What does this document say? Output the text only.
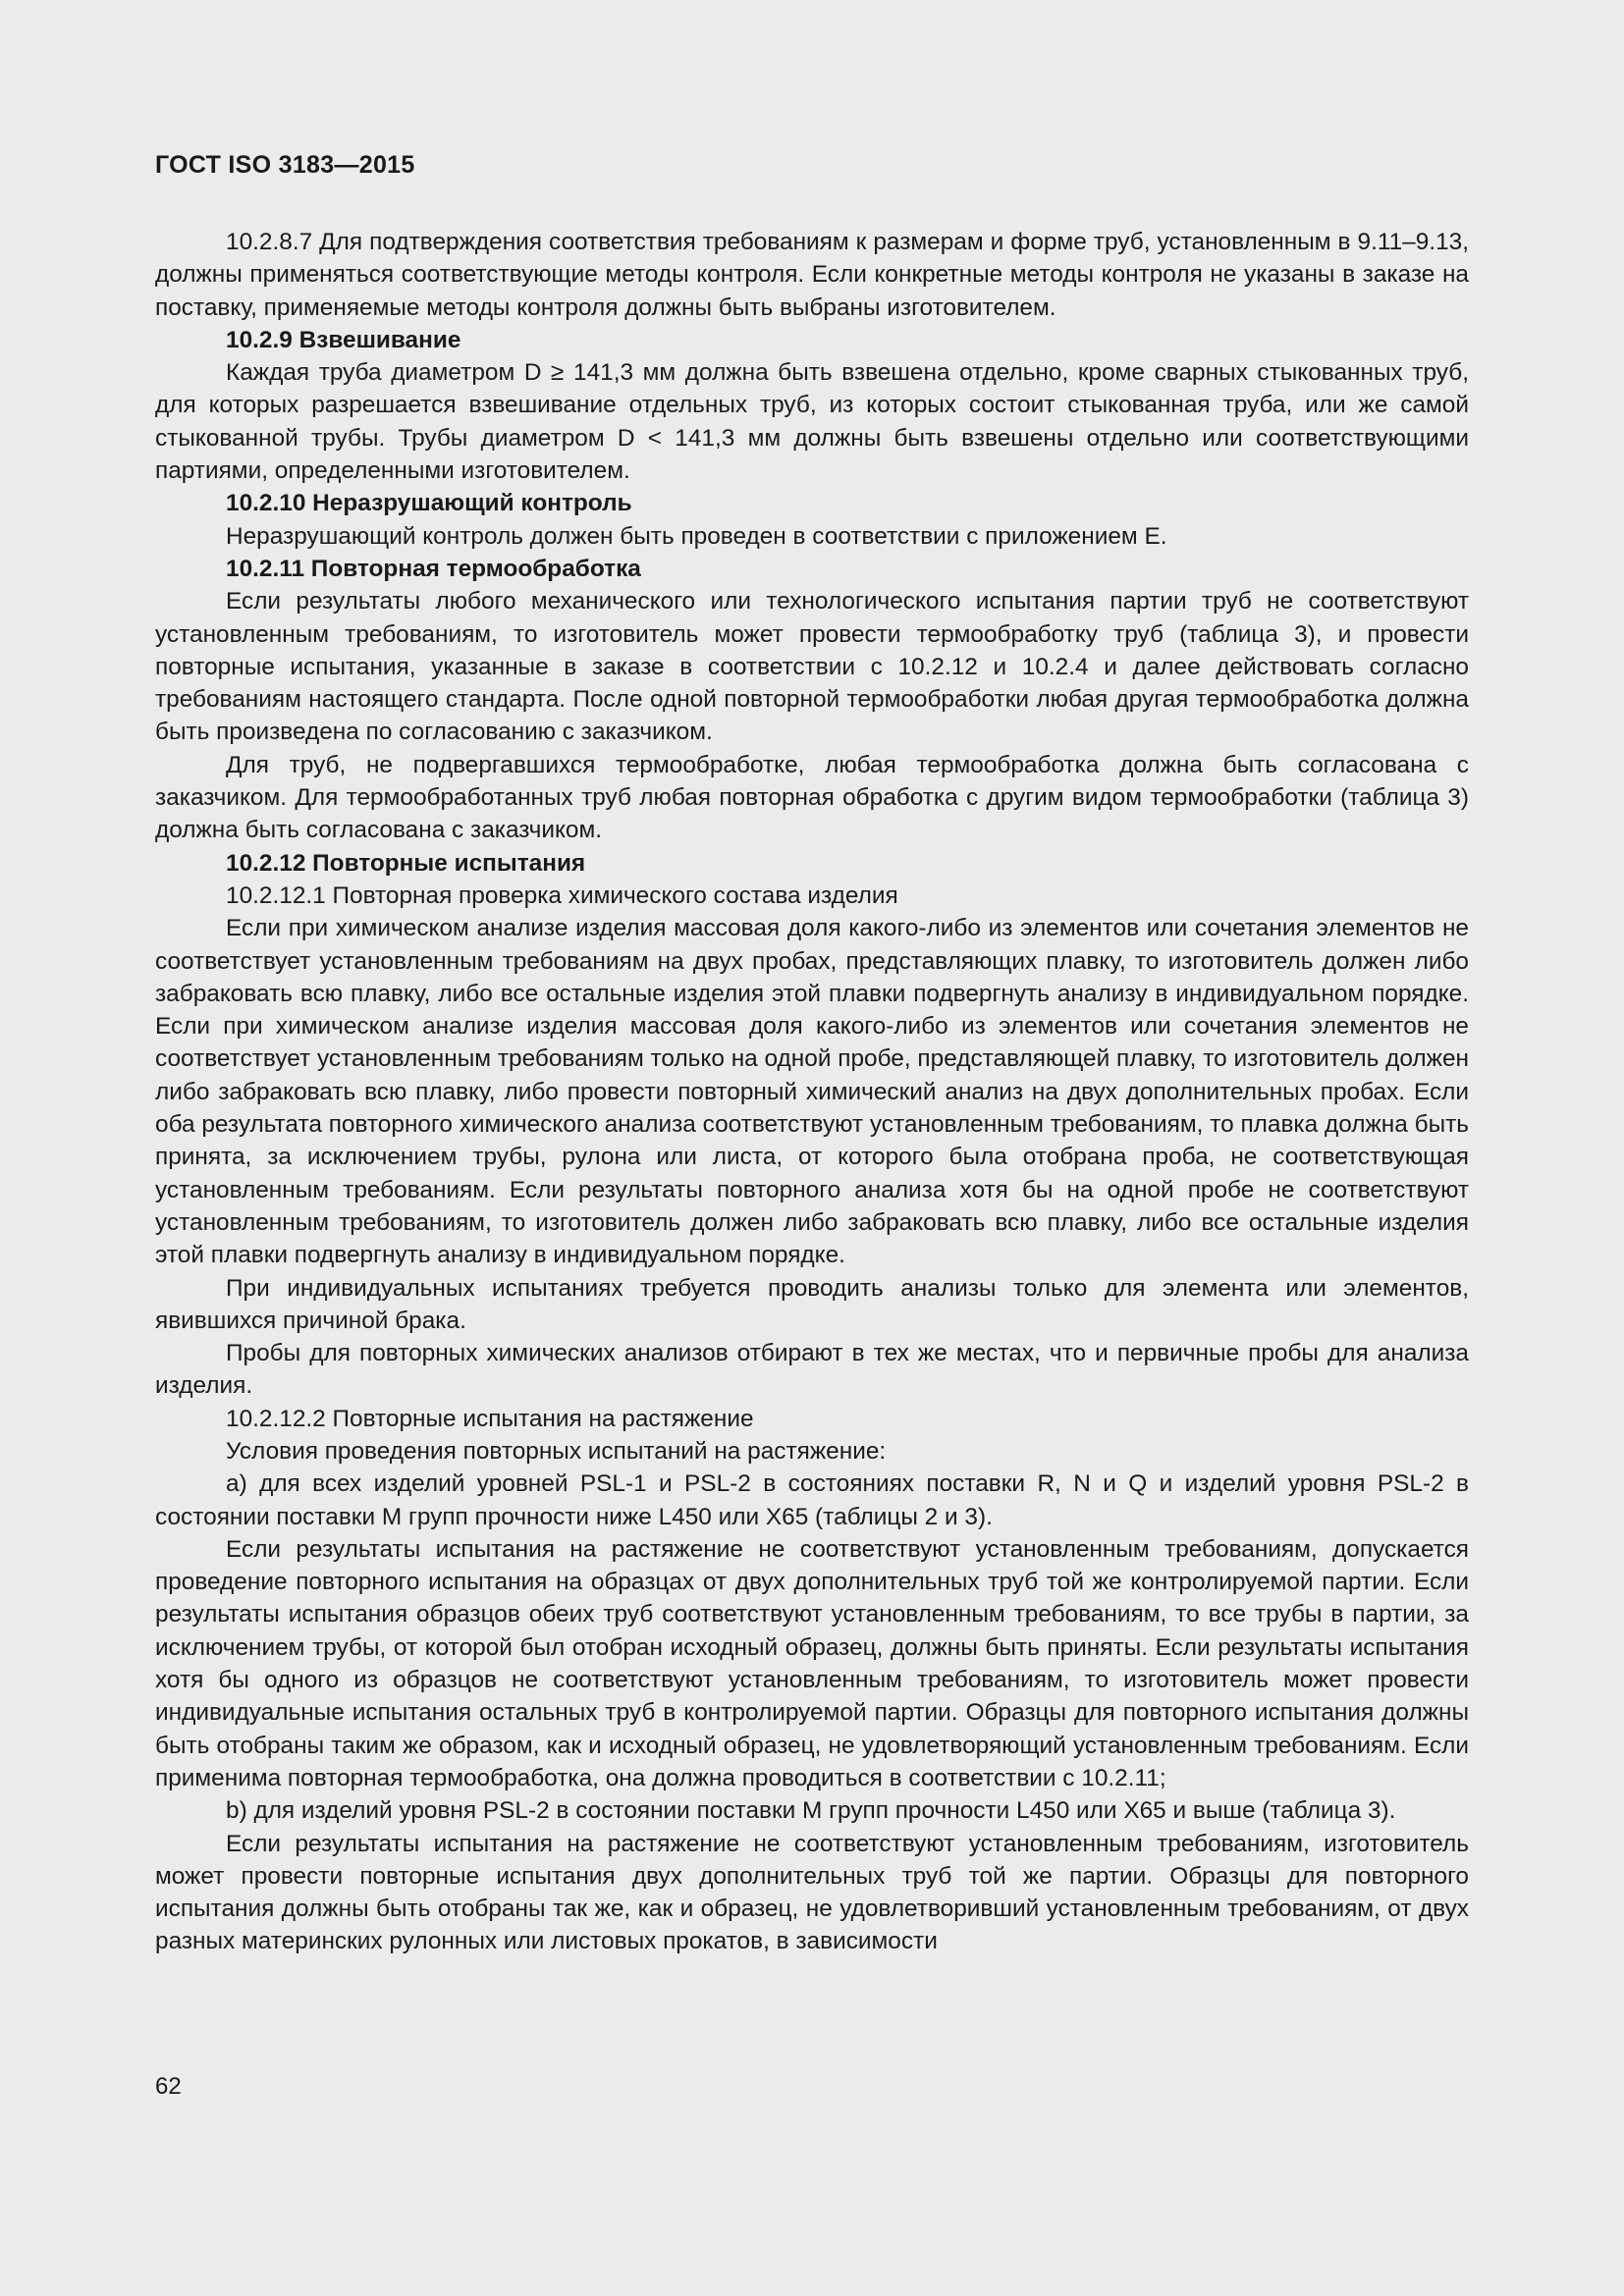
ГОСТ ISO 3183—2015

10.2.8.7 Для подтверждения соответствия требованиям к размерам и форме труб, установленным в 9.11–9.13, должны применяться соответствующие методы контроля. Если конкретные методы контроля не указаны в заказе на поставку, применяемые методы контроля должны быть выбраны изготовителем.

10.2.9 Взвешивание

Каждая труба диаметром D ≥ 141,3 мм должна быть взвешена отдельно, кроме сварных стыкованных труб, для которых разрешается взвешивание отдельных труб, из которых состоит стыкованная труба, или же самой стыкованной трубы. Трубы диаметром D < 141,3 мм должны быть взвешены отдельно или соответствующими партиями, определенными изготовителем.

10.2.10 Неразрушающий контроль

Неразрушающий контроль должен быть проведен в соответствии с приложением Е.

10.2.11 Повторная термообработка

Если результаты любого механического или технологического испытания партии труб не соответствуют установленным требованиям, то изготовитель может провести термообработку труб (таблица 3), и провести повторные испытания, указанные в заказе в соответствии с 10.2.12 и 10.2.4 и далее действовать согласно требованиям настоящего стандарта. После одной повторной термообработки любая другая термообработка должна быть произведена по согласованию с заказчиком.

Для труб, не подвергавшихся термообработке, любая термообработка должна быть согласована с заказчиком. Для термообработанных труб любая повторная обработка с другим видом термообработки (таблица 3) должна быть согласована с заказчиком.

10.2.12 Повторные испытания

10.2.12.1 Повторная проверка химического состава изделия

Если при химическом анализе изделия массовая доля какого-либо из элементов или сочетания элементов не соответствует установленным требованиям на двух пробах, представляющих плавку, то изготовитель должен либо забраковать всю плавку, либо все остальные изделия этой плавки подвергнуть анализу в индивидуальном порядке. Если при химическом анализе изделия массовая доля какого-либо из элементов или сочетания элементов не соответствует установленным требованиям только на одной пробе, представляющей плавку, то изготовитель должен либо забраковать всю плавку, либо провести повторный химический анализ на двух дополнительных пробах. Если оба результата повторного химического анализа соответствуют установленным требованиям, то плавка должна быть принята, за исключением трубы, рулона или листа, от которого была отобрана проба, не соответствующая установленным требованиям. Если результаты повторного анализа хотя бы на одной пробе не соответствуют установленным требованиям, то изготовитель должен либо забраковать всю плавку, либо все остальные изделия этой плавки подвергнуть анализу в индивидуальном порядке.

При индивидуальных испытаниях требуется проводить анализы только для элемента или элементов, явившихся причиной брака.

Пробы для повторных химических анализов отбирают в тех же местах, что и первичные пробы для анализа изделия.

10.2.12.2 Повторные испытания на растяжение

Условия проведения повторных испытаний на растяжение:

a) для всех изделий уровней PSL-1 и PSL-2 в состояниях поставки R, N и Q и изделий уровня PSL-2 в состоянии поставки М групп прочности ниже L450 или Х65 (таблицы 2 и 3).

Если результаты испытания на растяжение не соответствуют установленным требованиям, допускается проведение повторного испытания на образцах от двух дополнительных труб той же контролируемой партии. Если результаты испытания образцов обеих труб соответствуют установленным требованиям, то все трубы в партии, за исключением трубы, от которой был отобран исходный образец, должны быть приняты. Если результаты испытания хотя бы одного из образцов не соответствуют установленным требованиям, то изготовитель может провести индивидуальные испытания остальных труб в контролируемой партии. Образцы для повторного испытания должны быть отобраны таким же образом, как и исходный образец, не удовлетворяющий установленным требованиям. Если применима повторная термообработка, она должна проводиться в соответствии с 10.2.11;

b) для изделий уровня PSL-2 в состоянии поставки М групп прочности L450 или Х65 и выше (таблица 3).

Если результаты испытания на растяжение не соответствуют установленным требованиям, изготовитель может провести повторные испытания двух дополнительных труб той же партии. Образцы для повторного испытания должны быть отобраны так же, как и образец, не удовлетворивший установленным требованиям, от двух разных материнских рулонных или листовых прокатов, в зависимости

62
